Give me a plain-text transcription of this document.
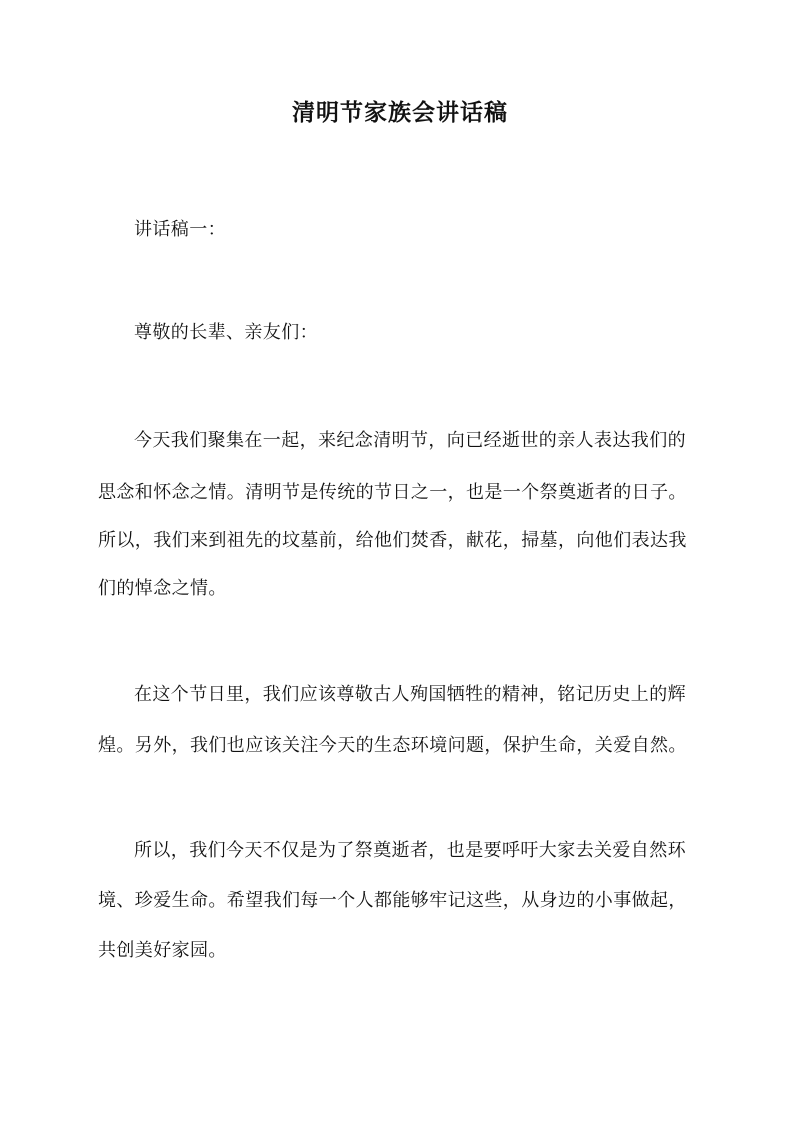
清明节家族会讲话稿
讲话稿一：
尊敬的长辈、亲友们：
今天我们聚集在一起，来纪念清明节，向已经逝世的亲人表达我们的
思念和怀念之情。清明节是传统的节日之一，也是一个祭奠逝者的日子。
所以，我们来到祖先的坟墓前，给他们焚香，献花，掃墓，向他们表达我
们的悼念之情。
在这个节日里，我们应该尊敬古人殉国牺牲的精神，铭记历史上的辉
煌。另外，我们也应该关注今天的生态环境问题，保护生命，关爱自然。
所以，我们今天不仅是为了祭奠逝者，也是要呼吁大家去关爱自然环
境、珍爱生命。希望我们每一个人都能够牢记这些，从身边的小事做起，
共创美好家园。
